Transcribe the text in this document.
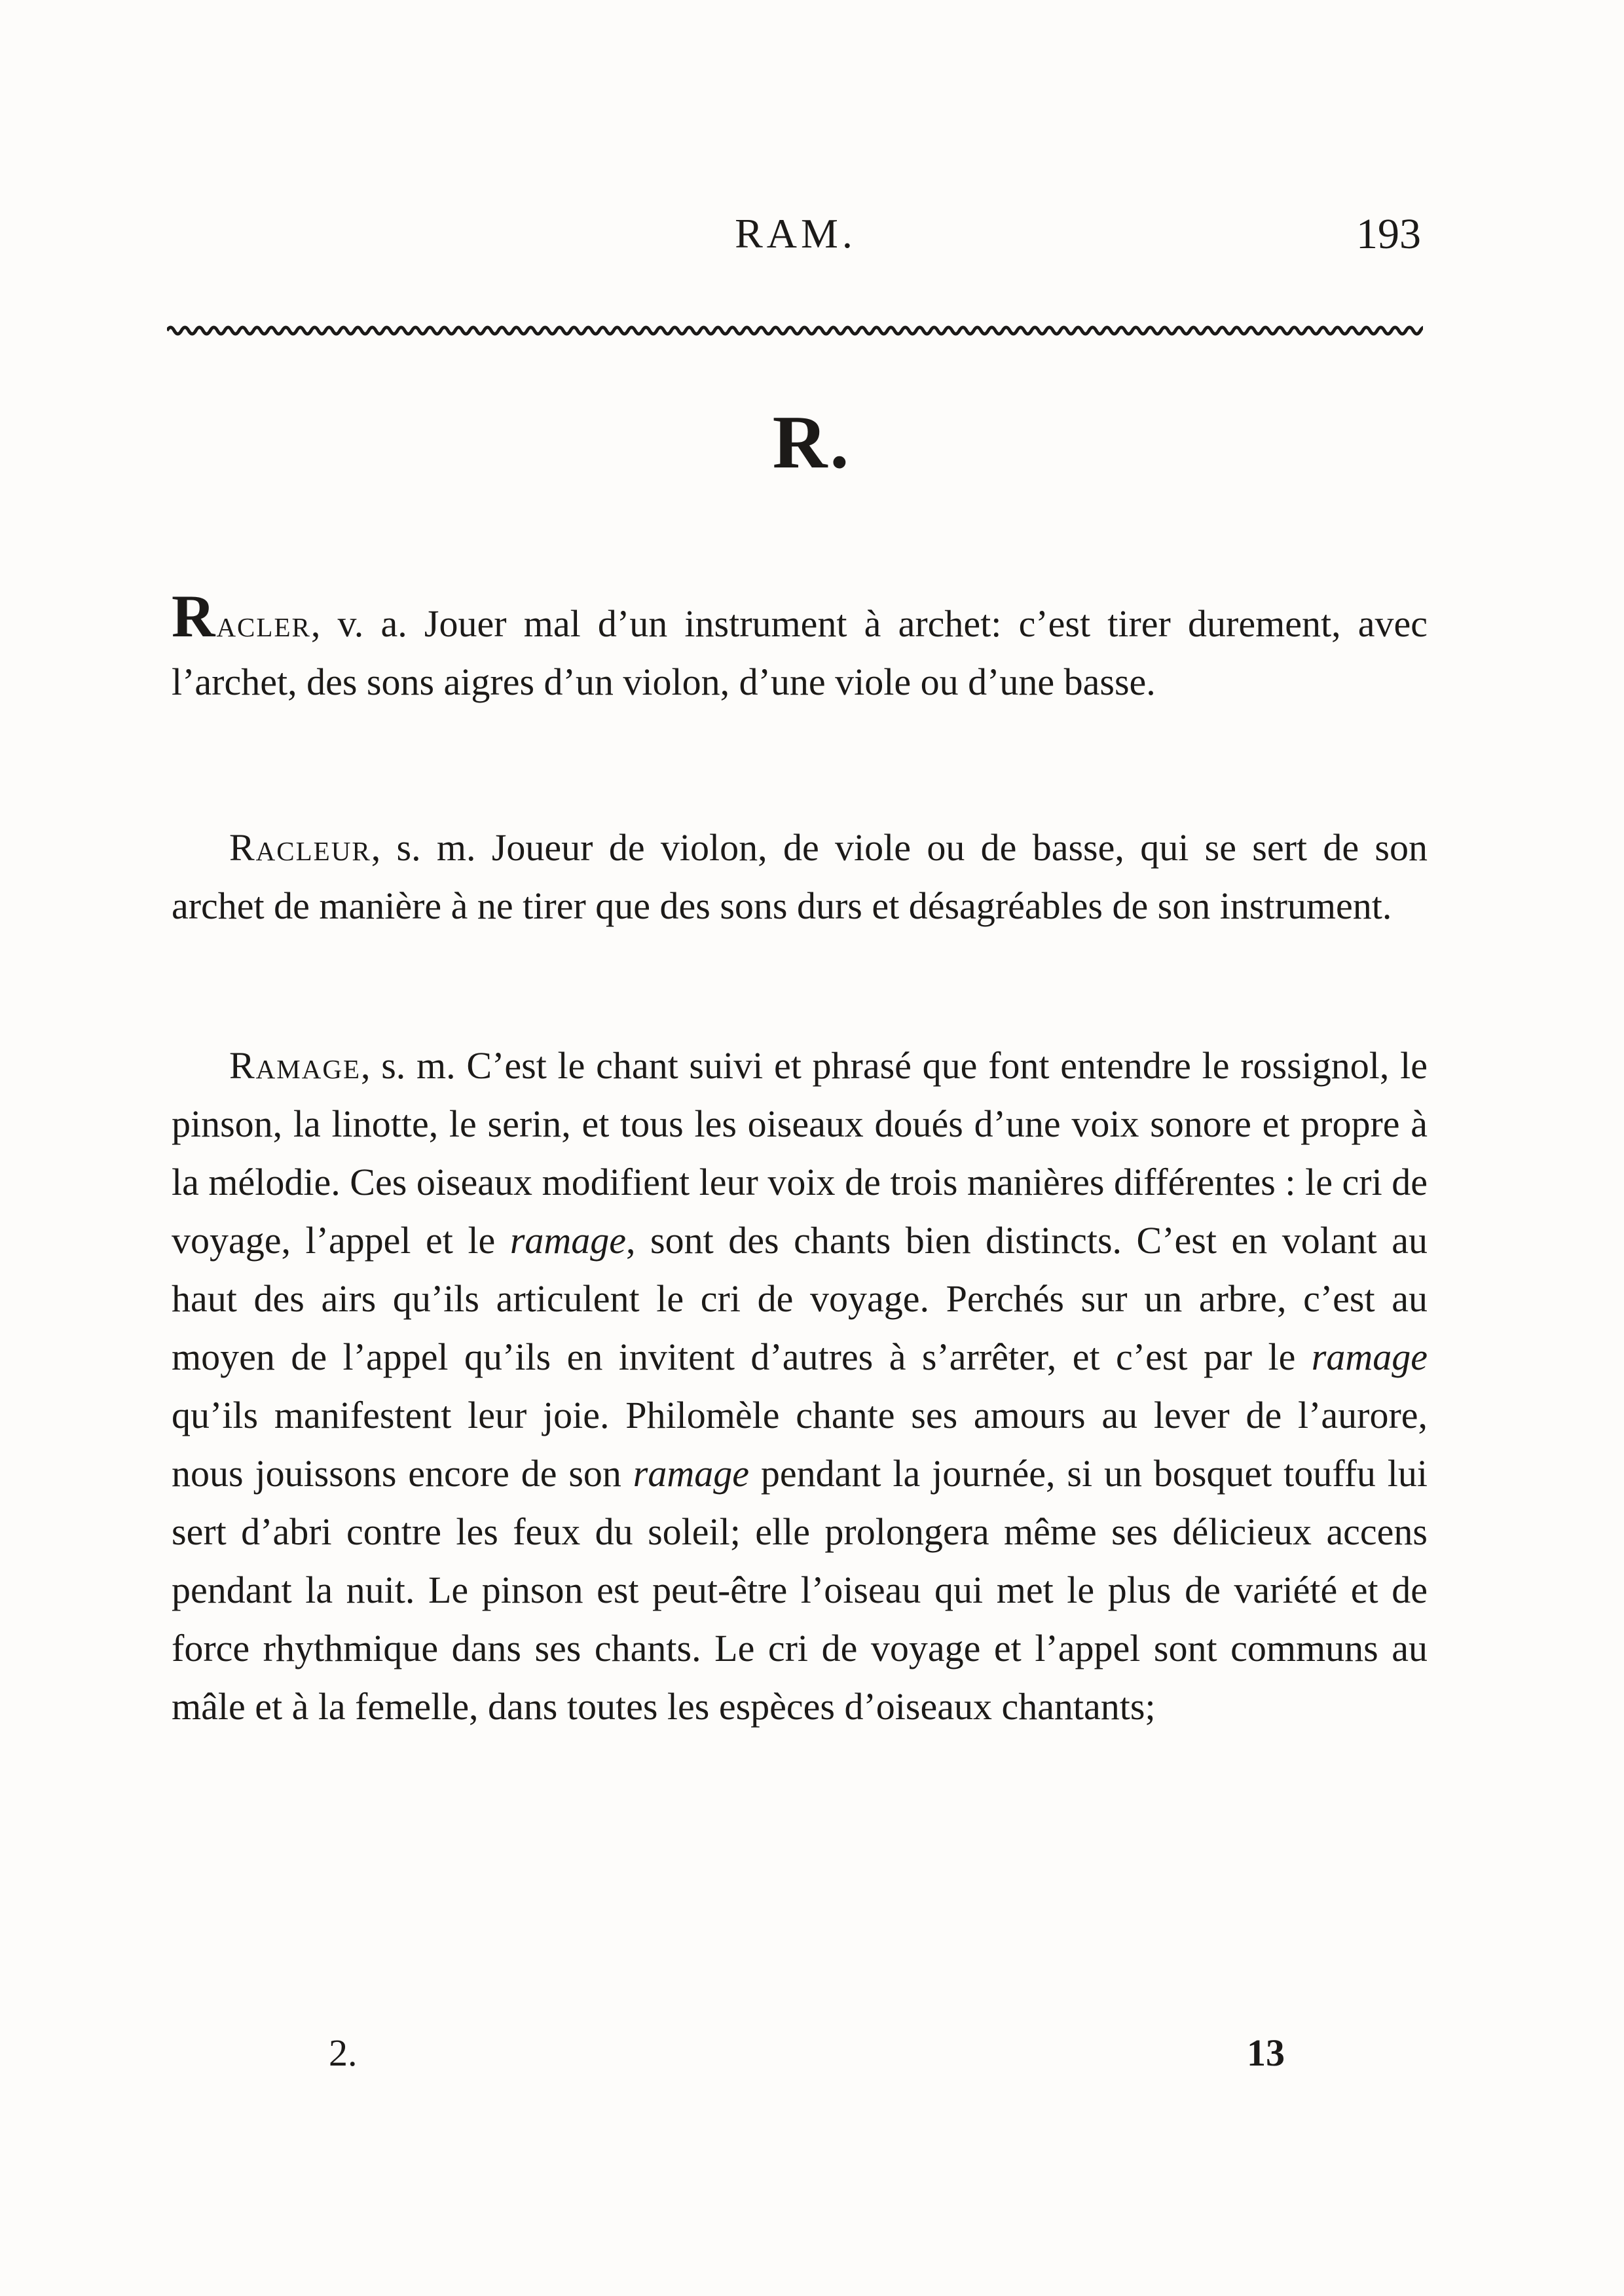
RAM.	193
R.

Racler, v. a. Jouer mal d’un instrument à archet: c’est tirer durement, avec l’archet, des sons aigres d’un violon, d’une viole ou d’une basse.

Racleur, s. m. Joueur de violon, de viole ou de basse, qui se sert de son archet de manière à ne tirer que des sons durs et désagréables de son instrument.

Ramage, s. m. C’est le chant suivi et phrasé que font entendre le rossignol, le pinson, la linotte, le serin, et tous les oiseaux doués d’une voix sonore et propre à la mélodie. Ces oiseaux modifient leur voix de trois manières différentes : le cri de voyage, l’appel et le ramage, sont des chants bien distincts. C’est en volant au haut des airs qu’ils articulent le cri de voyage. Perchés sur un arbre, c’est au moyen de l’appel qu’ils en invitent d’autres à s’arrêter, et c’est par le ramage qu’ils manifestent leur joie. Philomèle chante ses amours au lever de l’aurore, nous jouissons encore de son ramage pendant la journée, si un bosquet touffu lui sert d’abri contre les feux du soleil; elle prolongera même ses délicieux accens pendant la nuit. Le pinson est peut-être l’oiseau qui met le plus de variété et de force rhythmique dans ses chants. Le cri de voyage et l’appel sont communs au mâle et à la femelle, dans toutes les espèces d’oiseaux chantants;

2.	13
